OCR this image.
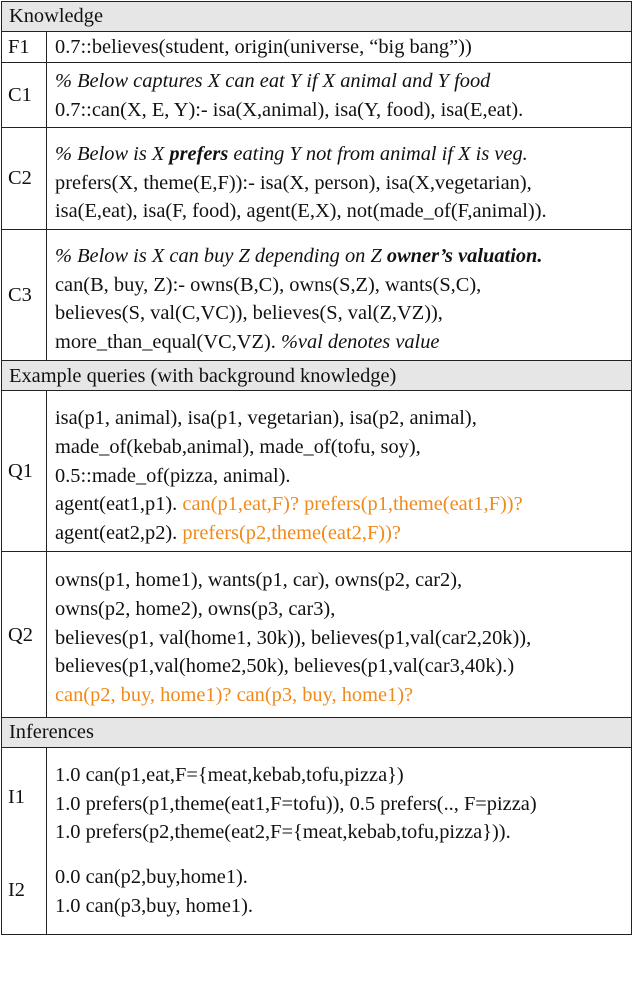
Knowledge	
F1	0.7::believes(student, origin(universe, “big bang”))

C1	% Below captures X can eat Y if X animal and Y food
0.7::can(X, E, Y):- isa(X,animal), isa(Y, food), isa(E,eat).

C2	% Below is X prefers eating Y not from animal if X is veg.
prefers(X, theme(E,F)):- isa(X, person), isa(X,vegetarian),
isa(E,eat), isa(F, food), agent(E,X), not(made_of(F,animal)).

C3	% Below is X can buy Z depending on Z owner’s valuation.
can(B, buy, Z):- owns(B,C), owns(S,Z), wants(S,C),
believes(S, val(C,VC)), believes(S, val(Z,VZ)),
more_than_equal(VC,VZ). %val denotes value

Example queries (with background knowledge)	
Q1	isa(p1, animal), isa(p1, vegetarian), isa(p2, animal),
made_of(kebab,animal), made_of(tofu, soy),
0.5::made_of(pizza, animal).
agent(eat1,p1). can(p1,eat,F)? prefers(p1,theme(eat1,F))?
agent(eat2,p2). prefers(p2,theme(eat2,F))?

Q2	owns(p1, home1), wants(p1, car), owns(p2, car2),
owns(p2, home2), owns(p3, car3),
believes(p1, val(home1, 30k)), believes(p1,val(car2,20k)),
believes(p1,val(home2,50k), believes(p1,val(car3,40k).)
can(p2, buy, home1)? can(p3, buy, home1)?

Inferences	
I1	1.0 can(p1,eat,F={meat,kebab,tofu,pizza})
1.0 prefers(p1,theme(eat1,F=tofu)), 0.5 prefers(.., F=pizza)
1.0 prefers(p2,theme(eat2,F={meat,kebab,tofu,pizza})).

I2	0.0 can(p2,buy,home1).
1.0 can(p3,buy, home1).
